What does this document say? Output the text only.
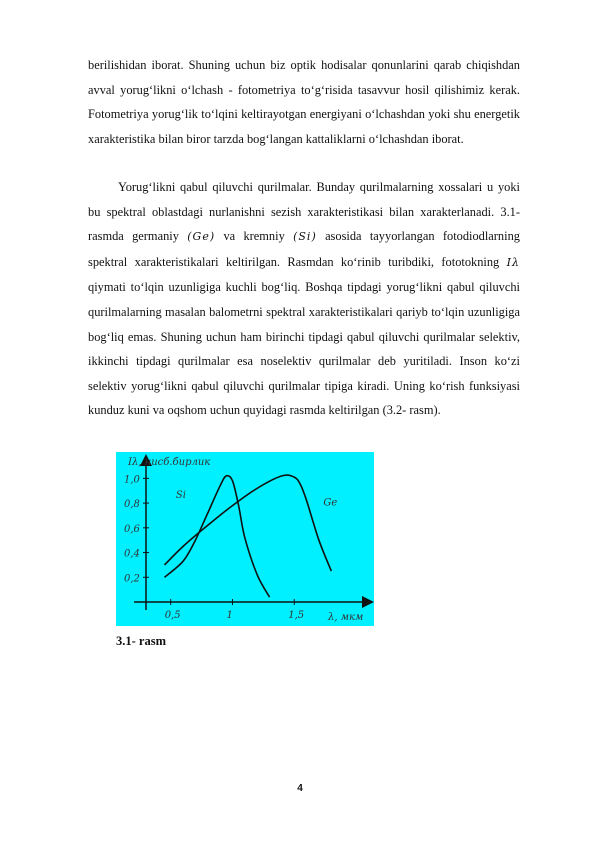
berilishidan iborat. Shuning uchun biz optik hodisalar qonunlarini qarab chiqishdan avval yorug‘likni o‘lchash - fotometriya to‘g‘risida tasavvur hosil qilishimiz kerak. Fotometriya yorug‘lik to‘lqini keltirayotgan energiyani o‘lchashdan yoki shu energetik xarakteristika bilan biror tarzda bog‘langan kattaliklarni o‘lchashdan iborat.

Yorug‘likni qabul qiluvchi qurilmalar. Bunday qurilmalarning xossalari u yoki bu spektral oblastdagi nurlanishni sezish xarakteristikasi bilan xarakterlanadi. 3.1-rasmda germaniy (Ge) va kremniy (Si) asosida tayyorlangan fotodiodlarning spektral xarakteristikalari keltirilgan. Rasmdan ko‘rinib turibdiki, fototokning Iλ qiymati to‘lqin uzunligiga kuchli bog‘liq. Boshqa tipdagi yorug‘likni qabul qiluvchi qurilmalarning masalan balometrni spektral xarakteristikalari qariyb to‘lqin uzunligiga bog‘liq emas. Shuning uchun ham birinchi tipdagi qabul qiluvchi qurilmalar selektiv, ikkinchi tipdagi qurilmalar esa noselektiv qurilmalar deb yuritiladi. Inson ko‘zi selektiv yorug‘likni qabul qiluvchi qurilmalar tipiga kiradi. Uning ko‘rish funksiyasi kunduz kuni va oqshom uchun quyidagi rasmda keltirilgan (3.2- rasm).

Iλ, нисб.бирлик
λ, мкм
0,2
0,4
0,6
0,8
1,0
0,5	1	1,5
Si
Ge

3.1- rasm

4
